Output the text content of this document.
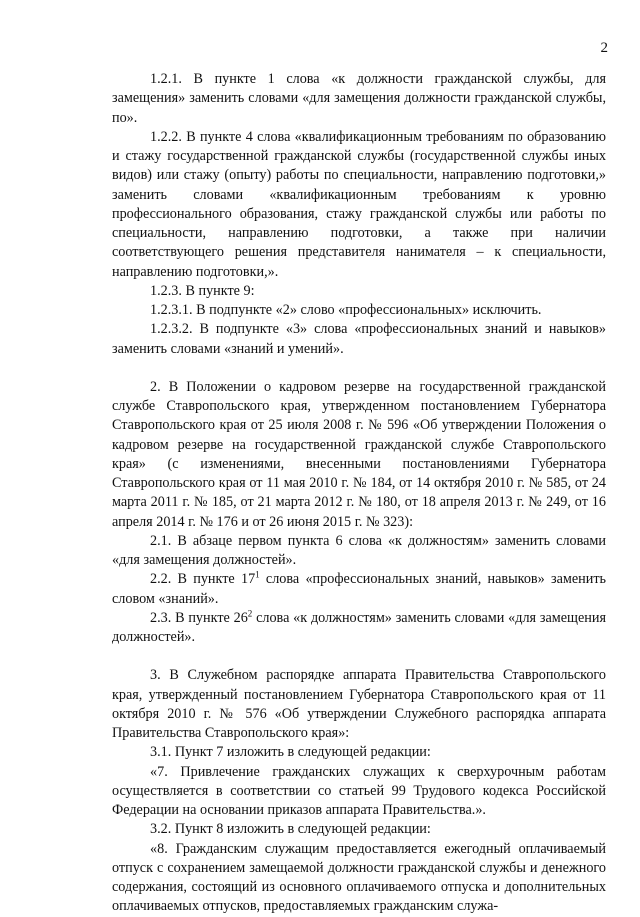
2

1.2.1. В пункте 1 слова «к должности гражданской службы, для замещения» заменить словами «для замещения должности гражданской службы, по».

1.2.2. В пункте 4 слова «квалификационным требованиям по образованию и стажу государственной гражданской службы (государственной службы иных видов) или стажу (опыту) работы по специальности, направлению подготовки,» заменить словами «квалификационным требованиям к уровню профессионального образования, стажу гражданской службы или работы по специальности, направлению подготовки, а также при наличии соответствующего решения представителя нанимателя – к специальности, направлению подготовки,».

1.2.3. В пункте 9:

1.2.3.1. В подпункте «2» слово «профессиональных» исключить.

1.2.3.2. В подпункте «3» слова «профессиональных знаний и навыков» заменить словами «знаний и умений».

2. В Положении о кадровом резерве на государственной гражданской службе Ставропольского края, утвержденном постановлением Губернатора Ставропольского края от 25 июля 2008 г. № 596 «Об утверждении Положения о кадровом резерве на государственной гражданской службе Ставропольского края» (с изменениями, внесенными постановлениями Губернатора Ставропольского края от 11 мая 2010 г. № 184, от 14 октября 2010 г. № 585, от 24 марта 2011 г. № 185, от 21 марта 2012 г. № 180, от 18 апреля 2013 г. № 249, от 16 апреля 2014 г. № 176 и от 26 июня 2015 г. № 323):

2.1. В абзаце первом пункта 6 слова «к должностям» заменить словами «для замещения должностей».

2.2. В пункте $17^1$ слова «профессиональных знаний, навыков» заменить словом «знаний».

2.3. В пункте $26^2$ слова «к должностям» заменить словами «для замещения должностей».

3. В Служебном распорядке аппарата Правительства Ставропольского края, утвержденный постановлением Губернатора Ставропольского края от 11 октября 2010 г. № 576 «Об утверждении Служебного распорядка аппарата Правительства Ставропольского края»:

3.1. Пункт 7 изложить в следующей редакции:

«7. Привлечение гражданских служащих к сверхурочным работам осуществляется в соответствии со статьей 99 Трудового кодекса Российской Федерации на основании приказов аппарата Правительства.».

3.2. Пункт 8 изложить в следующей редакции:

«8. Гражданским служащим предоставляется ежегодный оплачиваемый отпуск с сохранением замещаемой должности гражданской службы и денежного содержания, состоящий из основного оплачиваемого отпуска и дополнительных оплачиваемых отпусков, предоставляемых гражданским служа-
